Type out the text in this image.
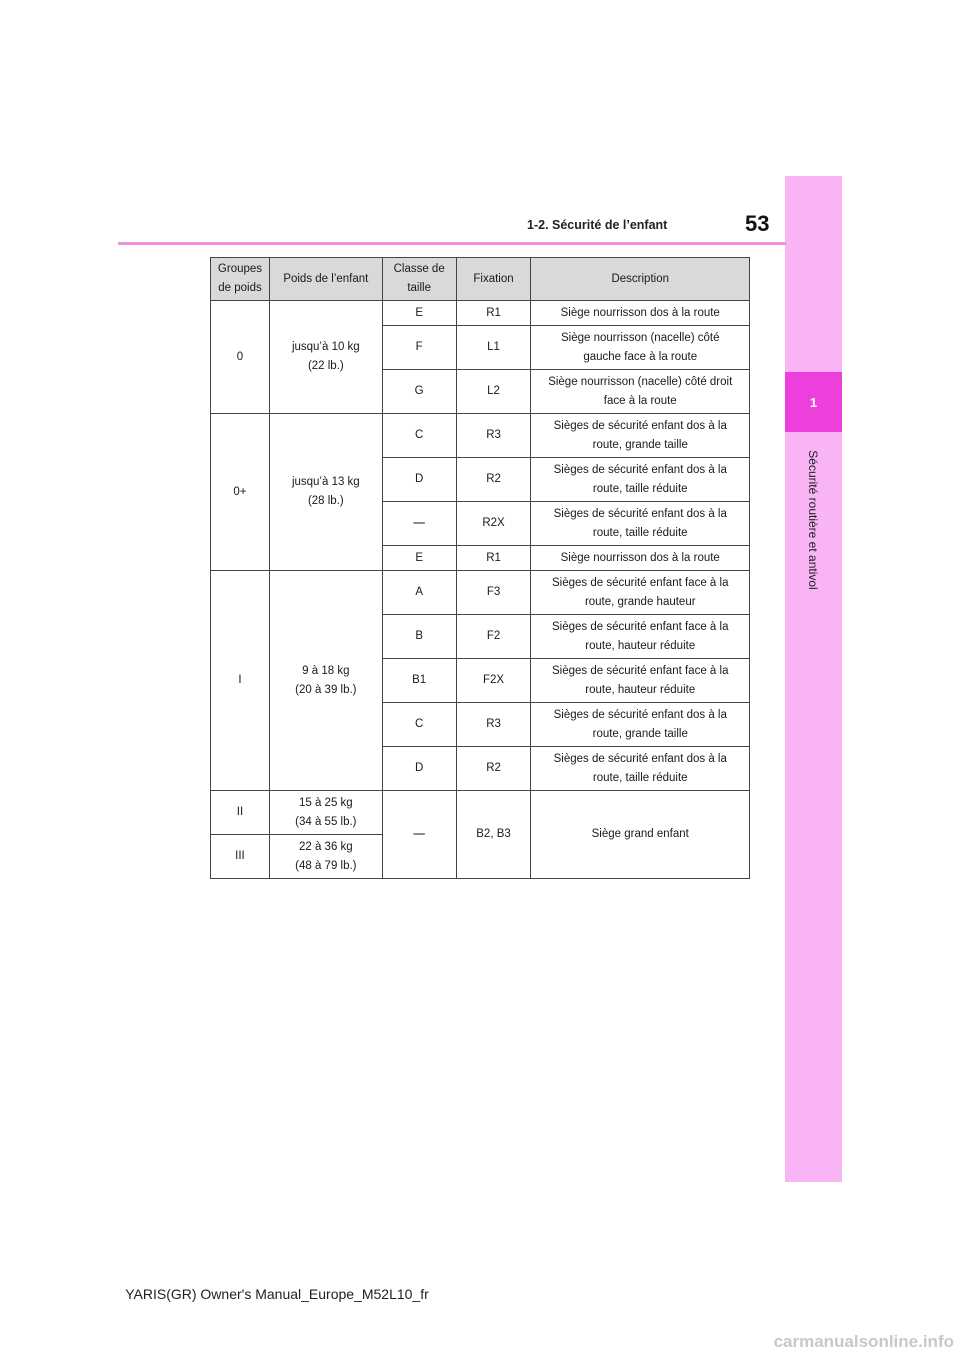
1
Sécurité routière et antivol
1-2. Sécurité de l’enfant	53
Groupes
de poids	Poids de l’enfant	Classe de
taille	Fixation	Description
0	jusqu’à 10 kg
(22 lb.)	E	R1	Siège nourrisson dos à la route
		F	L1	Siège nourrisson (nacelle) côté
gauche face à la route
		G	L2	Siège nourrisson (nacelle) côté droit
face à la route
0+	jusqu’à 13 kg
(28 lb.)	C	R3	Sièges de sécurité enfant dos à la
route, grande taille
		D	R2	Sièges de sécurité enfant dos à la
route, taille réduite
		⎯⎯	R2X	Sièges de sécurité enfant dos à la
route, taille réduite
		E	R1	Siège nourrisson dos à la route
I	9 à 18 kg
(20 à 39 lb.)	A	F3	Sièges de sécurité enfant face à la
route, grande hauteur
		B	F2	Sièges de sécurité enfant face à la
route, hauteur réduite
		B1	F2X	Sièges de sécurité enfant face à la
route, hauteur réduite
		C	R3	Sièges de sécurité enfant dos à la
route, grande taille
		D	R2	Sièges de sécurité enfant dos à la
route, taille réduite
II	15 à 25 kg
(34 à 55 lb.)	⎯⎯	B2, B3	Siège grand enfant
III	22 à 36 kg
(48 à 79 lb.)			
YARIS(GR) Owner's Manual_Europe_M52L10_fr
carmanualsonline.info
